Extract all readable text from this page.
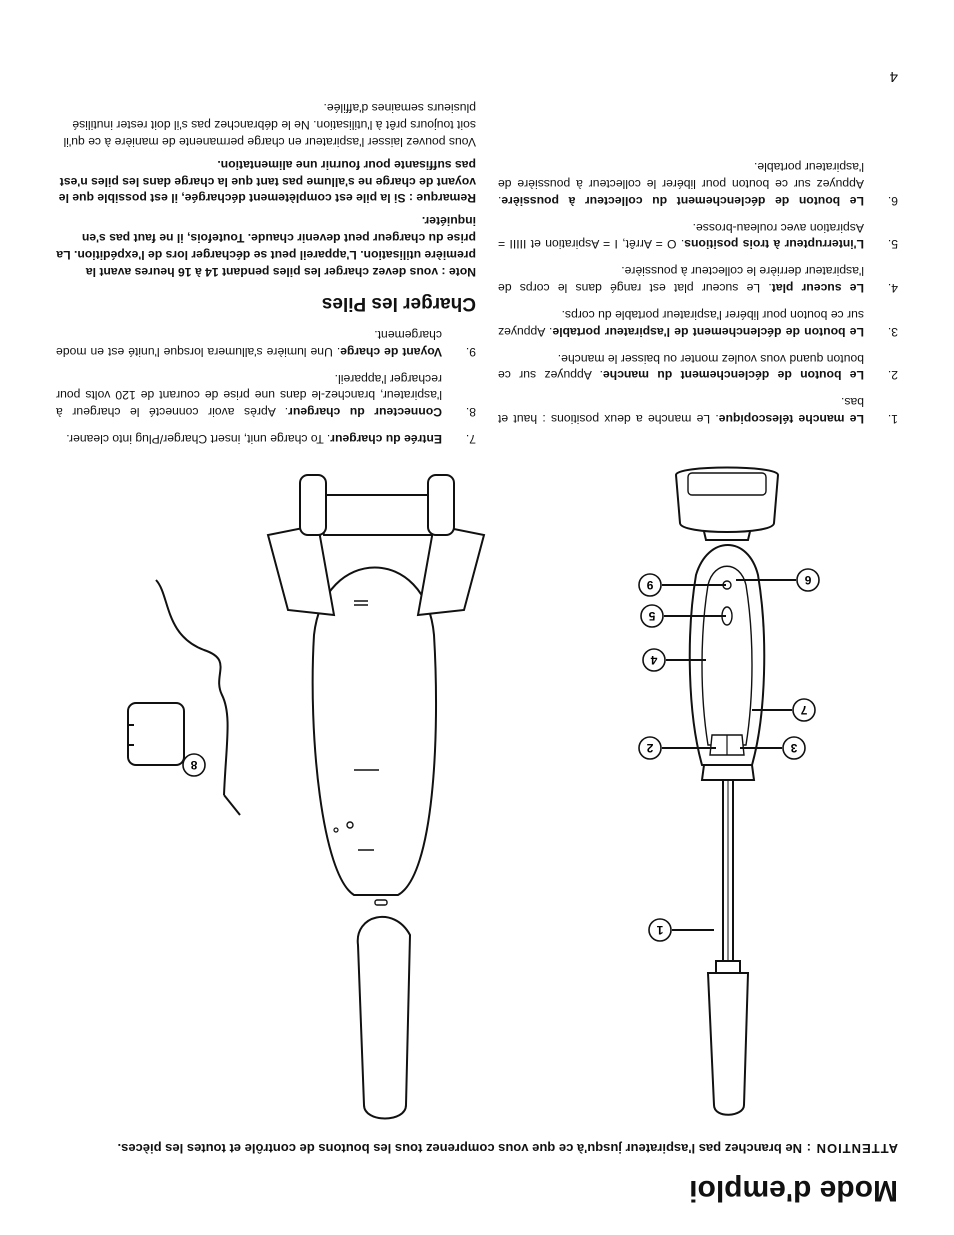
4
Mode d'emploi

ATTENTION : Ne branchez pas l'aspirateur jusqu'à ce que vous comprenez tous les boutons de contrôle et toutes les pièces.

1
2	3
4
5
6
7
8
9
1.
Le manche télescopique. Le manche a deux positions : haut et bas.
2.
Le bouton de déclenchement du manche. Appuyez sur ce bouton quand vous voulez monter ou baisser le manche.
3.
Le bouton de déclenchement de l'aspirateur portable. Appuyez sur ce bouton pour libérer l'aspirateur portable du corps.
4.
Le suceur plat. Le suceur plat est rangé dans le corps de l'aspirateur derrière le collecteur à poussière.
5.
L'interrupteur à trois positions. O = Arrêt, I = Aspiration et IIIII = Aspiration avec rouleau-brosse.
6.
Le bouton de déclenchement du collecteur à poussière. Appuyez sur ce bouton pour libérer le collecteur à poussière de l'aspirateur portable.
7.
Entrée du chargeur. To charge unit, insert Charger/Plug into cleaner.
8.
Connecteur du chargeur. Après avoir connecté le chargeur à l'aspirateur, branchez-le dans une prise de courant de 120 volts pour recharger l'appareil.
9.
Voyant de charge. Une lumière s'allumera lorsque l'unité est en mode chargement.
Charger les Piles

Note : vous devez charger les piles pendant 14 à 16 heures avant la première utilisation. L'appareil peut se décharger lors de l'expédition. La prise du chargeur peut devenir chaude. Toutefois, il ne faut pas s'en inquiéter.

Remarque : Si la pile est complètement déchargée, il est possible que le voyant de charge ne s'allume pas tant que la charge dans les piles n'est pas suffisante pour fournir une alimentation.

Vous pouvez laisser l'aspirateur en charge permanente de manière à ce qu'il soit toujours prêt à l'utilisation. Ne le débranchez pas s'il doit rester inutilisé plusieurs semaines d'affilée.
